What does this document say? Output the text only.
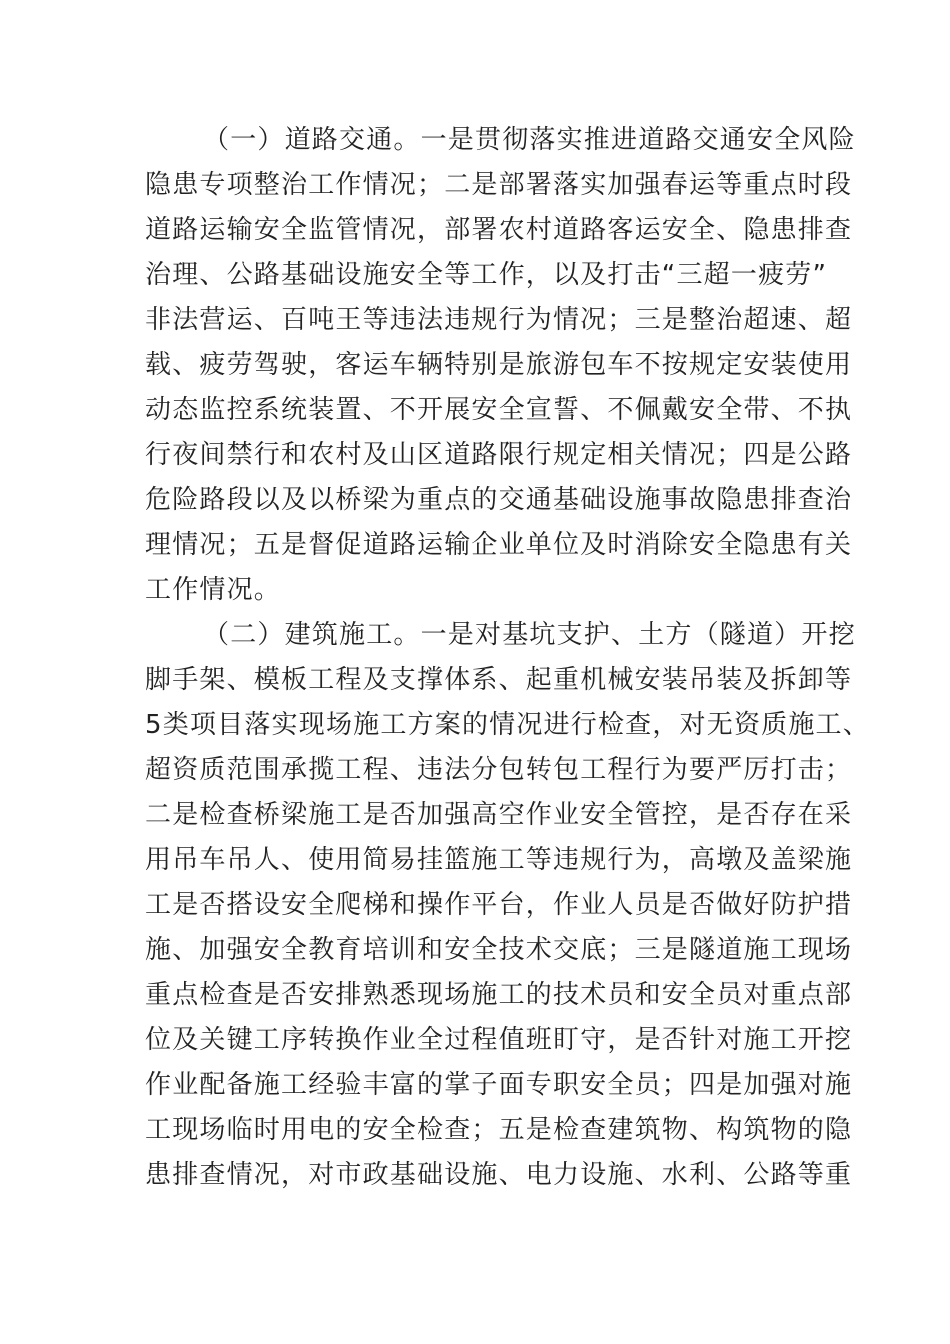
（一）道路交通。一是贯彻落实推进道路交通安全风险
隐患专项整治工作情况；二是部署落实加强春运等重点时段
道路运输安全监管情况，部署农村道路客运安全、隐患排查
治理、公路基础设施安全等工作，以及打击“三超一疲劳”
非法营运、百吨王等违法违规行为情况；三是整治超速、超
载、疲劳驾驶，客运车辆特别是旅游包车不按规定安装使用
动态监控系统装置、不开展安全宣誓、不佩戴安全带、不执
行夜间禁行和农村及山区道路限行规定相关情况；四是公路
危险路段以及以桥梁为重点的交通基础设施事故隐患排查治
理情况；五是督促道路运输企业单位及时消除安全隐患有关
工作情况。
（二）建筑施工。一是对基坑支护、土方（隧道）开挖
脚手架、模板工程及支撑体系、起重机械安装吊装及拆卸等
5类项目落实现场施工方案的情况进行检查，对无资质施工、
超资质范围承揽工程、违法分包转包工程行为要严厉打击；
二是检查桥梁施工是否加强高空作业安全管控，是否存在采
用吊车吊人、使用简易挂篮施工等违规行为，高墩及盖梁施
工是否搭设安全爬梯和操作平台，作业人员是否做好防护措
施、加强安全教育培训和安全技术交底；三是隧道施工现场
重点检查是否安排熟悉现场施工的技术员和安全员对重点部
位及关键工序转换作业全过程值班盯守，是否针对施工开挖
作业配备施工经验丰富的掌子面专职安全员；四是加强对施
工现场临时用电的安全检查；五是检查建筑物、构筑物的隐
患排查情况，对市政基础设施、电力设施、水利、公路等重
